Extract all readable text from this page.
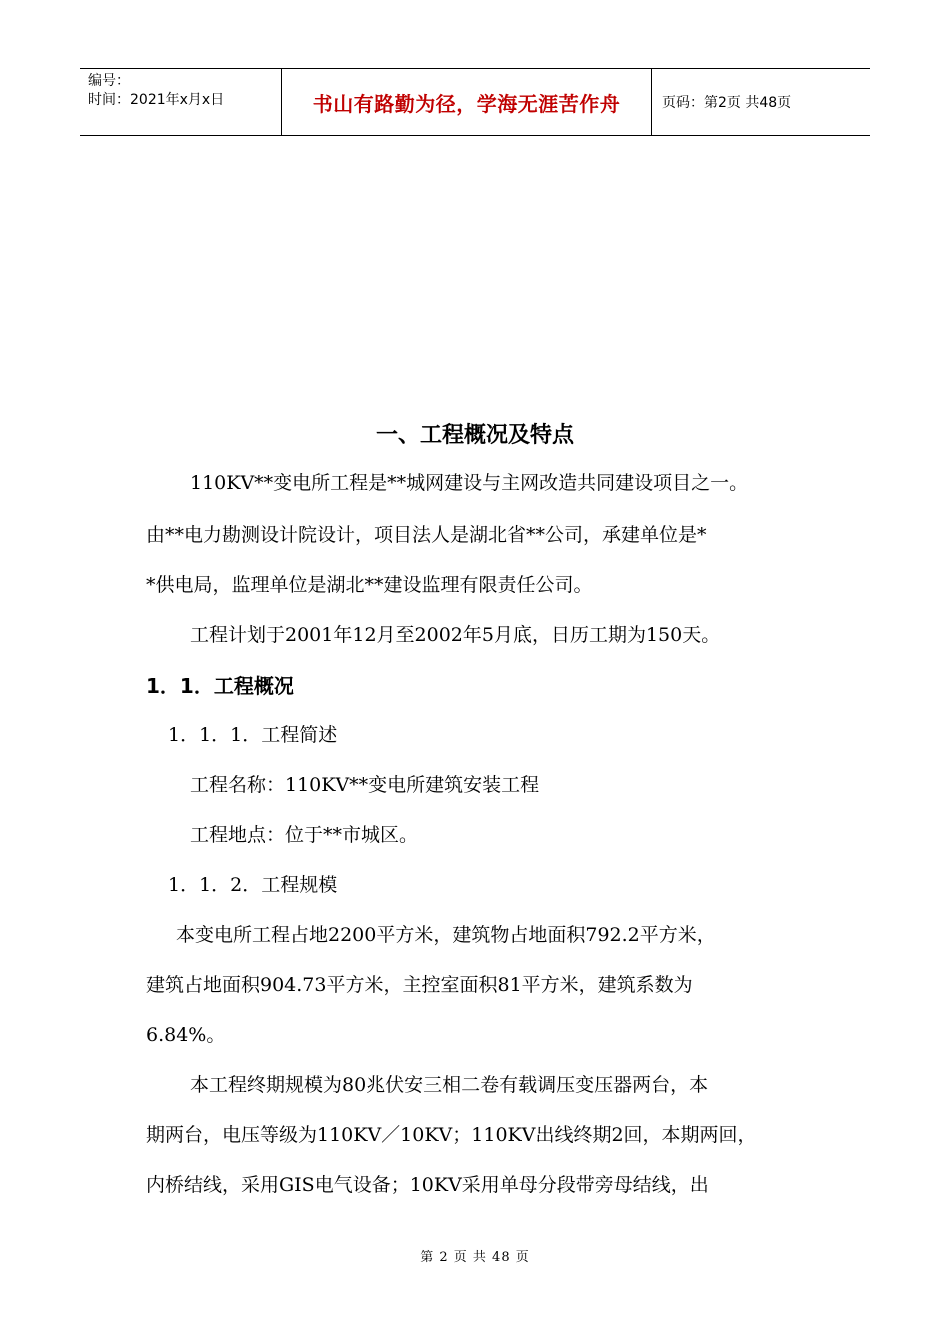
编号：
时间：2021年x月x日	书山有路勤为径，学海无涯苦作舟	页码：第2页 共48页
一、工程概况及特点
110KV**变电所工程是**城网建设与主网改造共同建设项目之一。
由**电力勘测设计院设计，项目法人是湖北省**公司，承建单位是*
*供电局，监理单位是湖北**建设监理有限责任公司。
工程计划于2001年12月至2002年5月底，日历工期为150天。
1．1．工程概况
1．1．1．工程简述
工程名称：110KV**变电所建筑安装工程
工程地点：位于**市城区。
1．1．2．工程规模
本变电所工程占地2200平方米，建筑物占地面积792.2平方米，
建筑占地面积904.73平方米，主控室面积81平方米，建筑系数为
6.84%。
本工程终期规模为80兆伏安三相二卷有载调压变压器两台，本
期两台，电压等级为110KV／10KV；110KV出线终期2回，本期两回，
内桥结线，采用GIS电气设备；10KV采用单母分段带旁母结线，出
第 2 页 共 48 页
